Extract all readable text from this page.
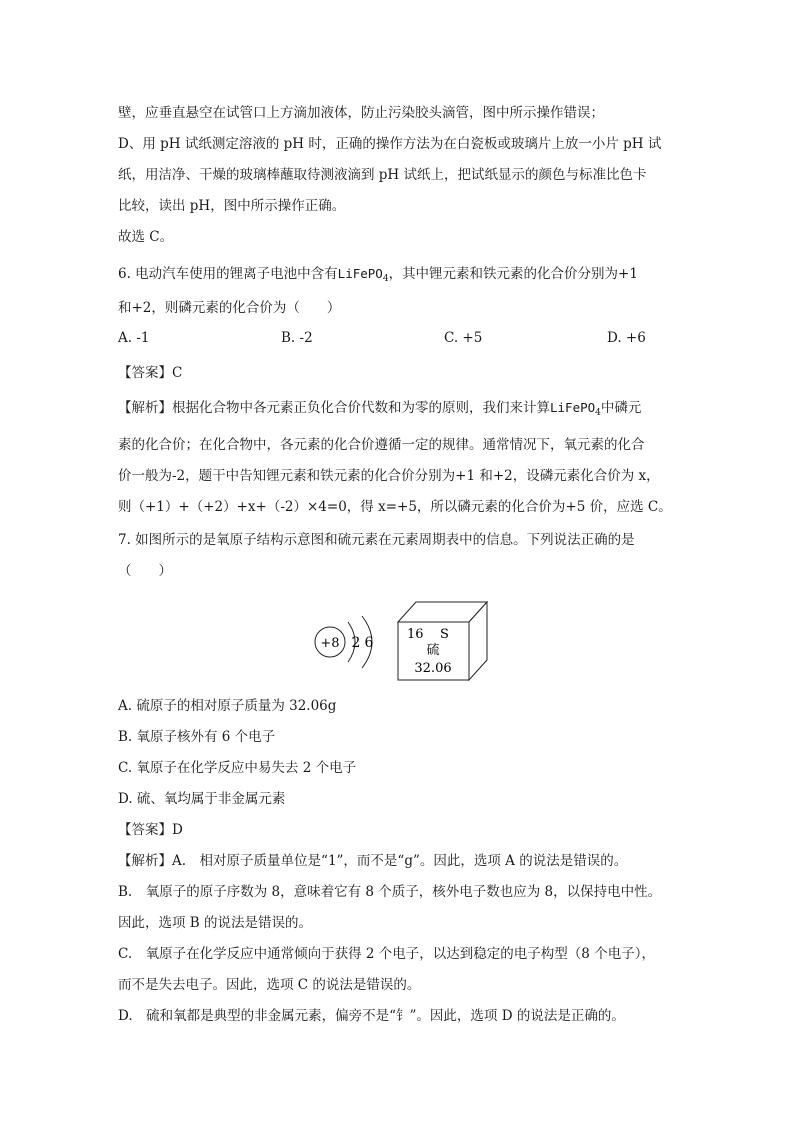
壁，应垂直悬空在试管口上方滴加液体，防止污染胶头滴管，图中所示操作错误；
D、用 pH 试纸测定溶液的 pH 时，正确的操作方法为在白瓷板或玻璃片上放一小片 pH 试
纸，用洁净、干燥的玻璃棒蘸取待测液滴到 pH 试纸上，把试纸显示的颜色与标准比色卡
比较，读出 pH，图中所示操作正确。
故选 C。
6. 电动汽车使用的锂离子电池中含有LiFePO$_4$，其中锂元素和铁元素的化合价分别为+1
和+2，则磷元素的化合价为（　　）
A. -1	B. -2	C. +5	D. +6
【答案】C
【解析】根据化合物中各元素正负化合价代数和为零的原则，我们来计算LiFePO$_4$中磷元
素的化合价；在化合物中，各元素的化合价遵循一定的规律。通常情况下，氧元素的化合
价一般为-2，题干中告知锂元素和铁元素的化合价分别为+1 和+2，设磷元素化合价为 x，
则（+1）+（+2）+x+（-2）×4=0，得 x=+5，所以磷元素的化合价为+5 价，应选 C。
7. 如图所示的是氧原子结构示意图和硫元素在元素周期表中的信息。下列说法正确的是
（　　）
+8 2 6
16 S
硫
32.06
A. 硫原子的相对原子质量为 32.06g
B. 氧原子核外有 6 个电子
C. 氧原子在化学反应中易失去 2 个电子
D. 硫、氧均属于非金属元素
【答案】D
【解析】A.　相对原子质量单位是“1”，而不是“g”。因此，选项 A 的说法是错误的。
B.　氧原子的原子序数为 8，意味着它有 8 个质子，核外电子数也应为 8，以保持电中性。
因此，选项 B 的说法是错误的。
C.　氧原子在化学反应中通常倾向于获得 2 个电子，以达到稳定的电子构型（8 个电子），
而不是失去电子。因此，选项 C 的说法是错误的。
D.　硫和氧都是典型的非金属元素，偏旁不是“钅”。因此，选项 D 的说法是正确的。
